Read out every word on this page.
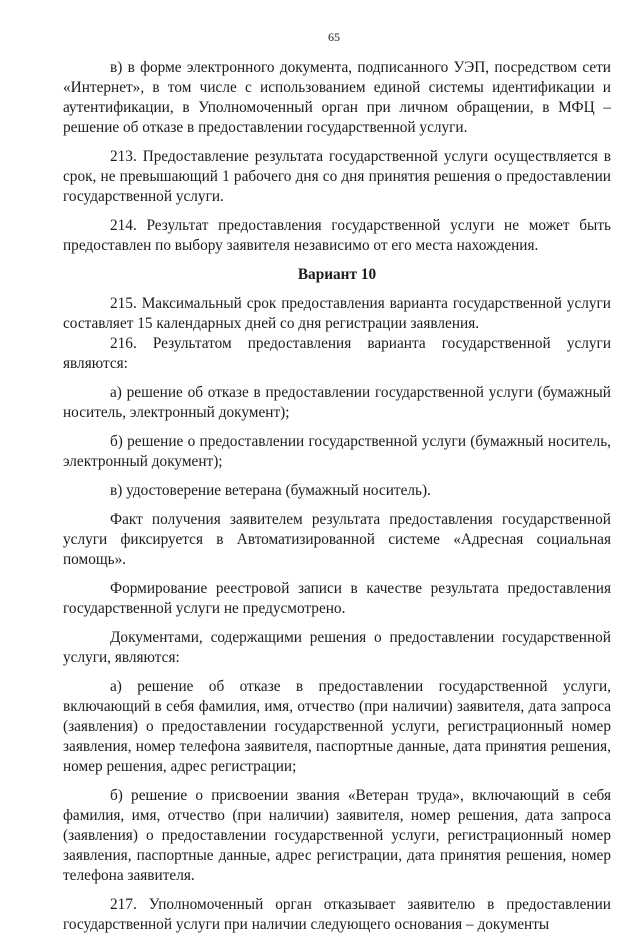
65

в) в форме электронного документа, подписанного УЭП, посредством сети «Интернет», в том числе с использованием единой системы идентификации и аутентификации, в Уполномоченный орган при личном обращении, в МФЦ – решение об отказе в предоставлении государственной услуги.

213. Предоставление результата государственной услуги осуществляется в срок, не превышающий 1 рабочего дня со дня принятия решения о предоставлении государственной услуги.

214. Результат предоставления государственной услуги не может быть предоставлен по выбору заявителя независимо от его места нахождения.

Вариант 10

215. Максимальный срок предоставления варианта государственной услуги составляет 15 календарных дней со дня регистрации заявления.

216. Результатом предоставления варианта государственной услуги являются:

а) решение об отказе в предоставлении государственной услуги (бумажный носитель, электронный документ);

б) решение о предоставлении государственной услуги (бумажный носитель, электронный документ);

в) удостоверение ветерана (бумажный носитель).

Факт получения заявителем результата предоставления государственной услуги фиксируется в Автоматизированной системе «Адресная социальная помощь».

Формирование реестровой записи в качестве результата предоставления государственной услуги не предусмотрено.

Документами, содержащими решения о предоставлении государственной услуги, являются:

а) решение об отказе в предоставлении государственной услуги, включающий в себя фамилия, имя, отчество (при наличии) заявителя, дата запроса (заявления) о предоставлении государственной услуги, регистрационный номер заявления, номер телефона заявителя, паспортные данные, дата принятия решения, номер решения, адрес регистрации;

б) решение о присвоении звания «Ветеран труда», включающий в себя фамилия, имя, отчество (при наличии) заявителя, номер решения, дата запроса (заявления) о предоставлении государственной услуги, регистрационный номер заявления, паспортные данные, адрес регистрации, дата принятия решения, номер телефона заявителя.

217. Уполномоченный орган отказывает заявителю в предоставлении государственной услуги при наличии следующего основания – документы
